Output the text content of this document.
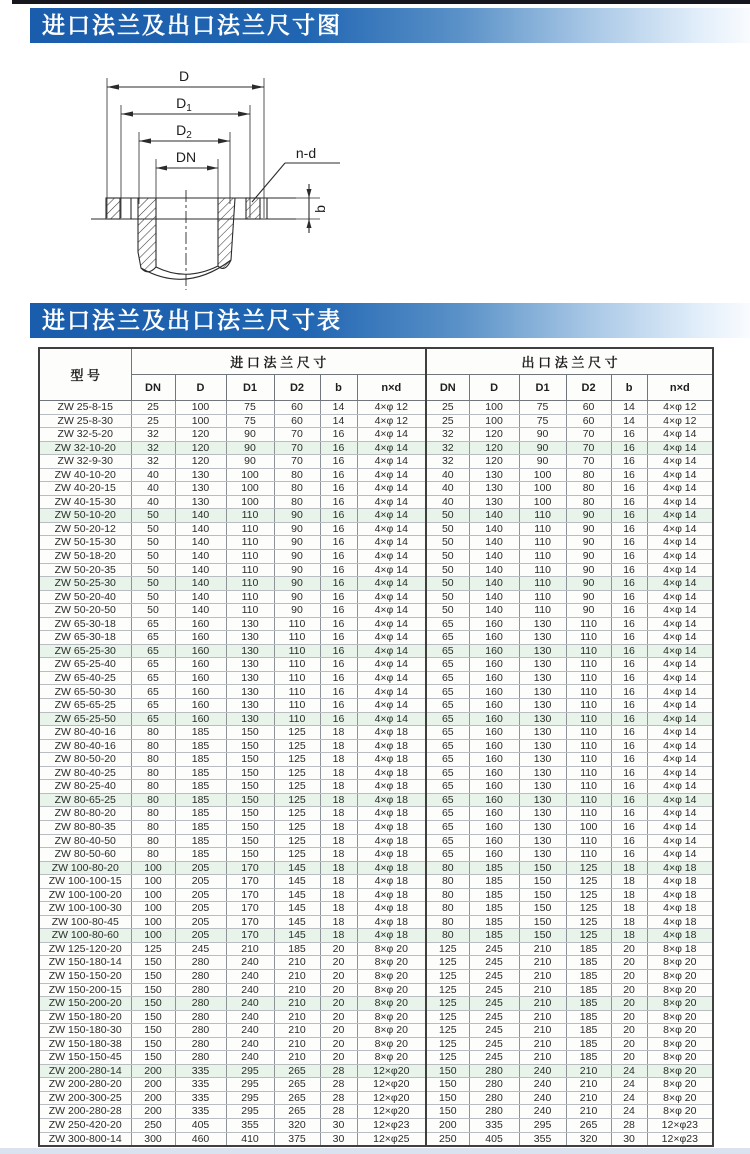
进口法兰及出口法兰尺寸图
D
$D_1$
$D_2$
DN	n-d
b
进口法兰及出口法兰尺寸表
型 号	进 口 法 兰 尺 寸						出 口 法 兰 尺 寸					
	DN	D	D1	D2	b	n×d	DN	D	D1	D2	b	n×d
ZW 25-8-15	25	100	75	60	14	4×φ 12	25	100	75	60	14	4×φ 12
ZW 25-8-30	25	100	75	60	14	4×φ 12	25	100	75	60	14	4×φ 12
ZW 32-5-20	32	120	90	70	16	4×φ 14	32	120	90	70	16	4×φ 14
ZW 32-10-20	32	120	90	70	16	4×φ 14	32	120	90	70	16	4×φ 14
ZW 32-9-30	32	120	90	70	16	4×φ 14	32	120	90	70	16	4×φ 14
ZW 40-10-20	40	130	100	80	16	4×φ 14	40	130	100	80	16	4×φ 14
ZW 40-20-15	40	130	100	80	16	4×φ 14	40	130	100	80	16	4×φ 14
ZW 40-15-30	40	130	100	80	16	4×φ 14	40	130	100	80	16	4×φ 14
ZW 50-10-20	50	140	110	90	16	4×φ 14	50	140	110	90	16	4×φ 14
ZW 50-20-12	50	140	110	90	16	4×φ 14	50	140	110	90	16	4×φ 14
ZW 50-15-30	50	140	110	90	16	4×φ 14	50	140	110	90	16	4×φ 14
ZW 50-18-20	50	140	110	90	16	4×φ 14	50	140	110	90	16	4×φ 14
ZW 50-20-35	50	140	110	90	16	4×φ 14	50	140	110	90	16	4×φ 14
ZW 50-25-30	50	140	110	90	16	4×φ 14	50	140	110	90	16	4×φ 14
ZW 50-20-40	50	140	110	90	16	4×φ 14	50	140	110	90	16	4×φ 14
ZW 50-20-50	50	140	110	90	16	4×φ 14	50	140	110	90	16	4×φ 14
ZW 65-30-18	65	160	130	110	16	4×φ 14	65	160	130	110	16	4×φ 14
ZW 65-30-18	65	160	130	110	16	4×φ 14	65	160	130	110	16	4×φ 14
ZW 65-25-30	65	160	130	110	16	4×φ 14	65	160	130	110	16	4×φ 14
ZW 65-25-40	65	160	130	110	16	4×φ 14	65	160	130	110	16	4×φ 14
ZW 65-40-25	65	160	130	110	16	4×φ 14	65	160	130	110	16	4×φ 14
ZW 65-50-30	65	160	130	110	16	4×φ 14	65	160	130	110	16	4×φ 14
ZW 65-65-25	65	160	130	110	16	4×φ 14	65	160	130	110	16	4×φ 14
ZW 65-25-50	65	160	130	110	16	4×φ 14	65	160	130	110	16	4×φ 14
ZW 80-40-16	80	185	150	125	18	4×φ 18	65	160	130	110	16	4×φ 14
ZW 80-40-16	80	185	150	125	18	4×φ 18	65	160	130	110	16	4×φ 14
ZW 80-50-20	80	185	150	125	18	4×φ 18	65	160	130	110	16	4×φ 14
ZW 80-40-25	80	185	150	125	18	4×φ 18	65	160	130	110	16	4×φ 14
ZW 80-25-40	80	185	150	125	18	4×φ 18	65	160	130	110	16	4×φ 14
ZW 80-65-25	80	185	150	125	18	4×φ 18	65	160	130	110	16	4×φ 14
ZW 80-80-20	80	185	150	125	18	4×φ 18	65	160	130	110	16	4×φ 14
ZW 80-80-35	80	185	150	125	18	4×φ 18	65	160	130	100	16	4×φ 14
ZW 80-40-50	80	185	150	125	18	4×φ 18	65	160	130	110	16	4×φ 14
ZW 80-50-60	80	185	150	125	18	4×φ 18	65	160	130	110	16	4×φ 14
ZW 100-80-20	100	205	170	145	18	4×φ 18	80	185	150	125	18	4×φ 18
ZW 100-100-15	100	205	170	145	18	4×φ 18	80	185	150	125	18	4×φ 18
ZW 100-100-20	100	205	170	145	18	4×φ 18	80	185	150	125	18	4×φ 18
ZW 100-100-30	100	205	170	145	18	4×φ 18	80	185	150	125	18	4×φ 18
ZW 100-80-45	100	205	170	145	18	4×φ 18	80	185	150	125	18	4×φ 18
ZW 100-80-60	100	205	170	145	18	4×φ 18	80	185	150	125	18	4×φ 18
ZW 125-120-20	125	245	210	185	20	8×φ 20	125	245	210	185	20	8×φ 18
ZW 150-180-14	150	280	240	210	20	8×φ 20	125	245	210	185	20	8×φ 20
ZW 150-150-20	150	280	240	210	20	8×φ 20	125	245	210	185	20	8×φ 20
ZW 150-200-15	150	280	240	210	20	8×φ 20	125	245	210	185	20	8×φ 20
ZW 150-200-20	150	280	240	210	20	8×φ 20	125	245	210	185	20	8×φ 20
ZW 150-180-20	150	280	240	210	20	8×φ 20	125	245	210	185	20	8×φ 20
ZW 150-180-30	150	280	240	210	20	8×φ 20	125	245	210	185	20	8×φ 20
ZW 150-180-38	150	280	240	210	20	8×φ 20	125	245	210	185	20	8×φ 20
ZW 150-150-45	150	280	240	210	20	8×φ 20	125	245	210	185	20	8×φ 20
ZW 200-280-14	200	335	295	265	28	12×φ20	150	280	240	210	24	8×φ 20
ZW 200-280-20	200	335	295	265	28	12×φ20	150	280	240	210	24	8×φ 20
ZW 200-300-25	200	335	295	265	28	12×φ20	150	280	240	210	24	8×φ 20
ZW 200-280-28	200	335	295	265	28	12×φ20	150	280	240	210	24	8×φ 20
ZW 250-420-20	250	405	355	320	30	12×φ23	200	335	295	265	28	12×φ23
ZW 300-800-14	300	460	410	375	30	12×φ25	250	405	355	320	30	12×φ23
